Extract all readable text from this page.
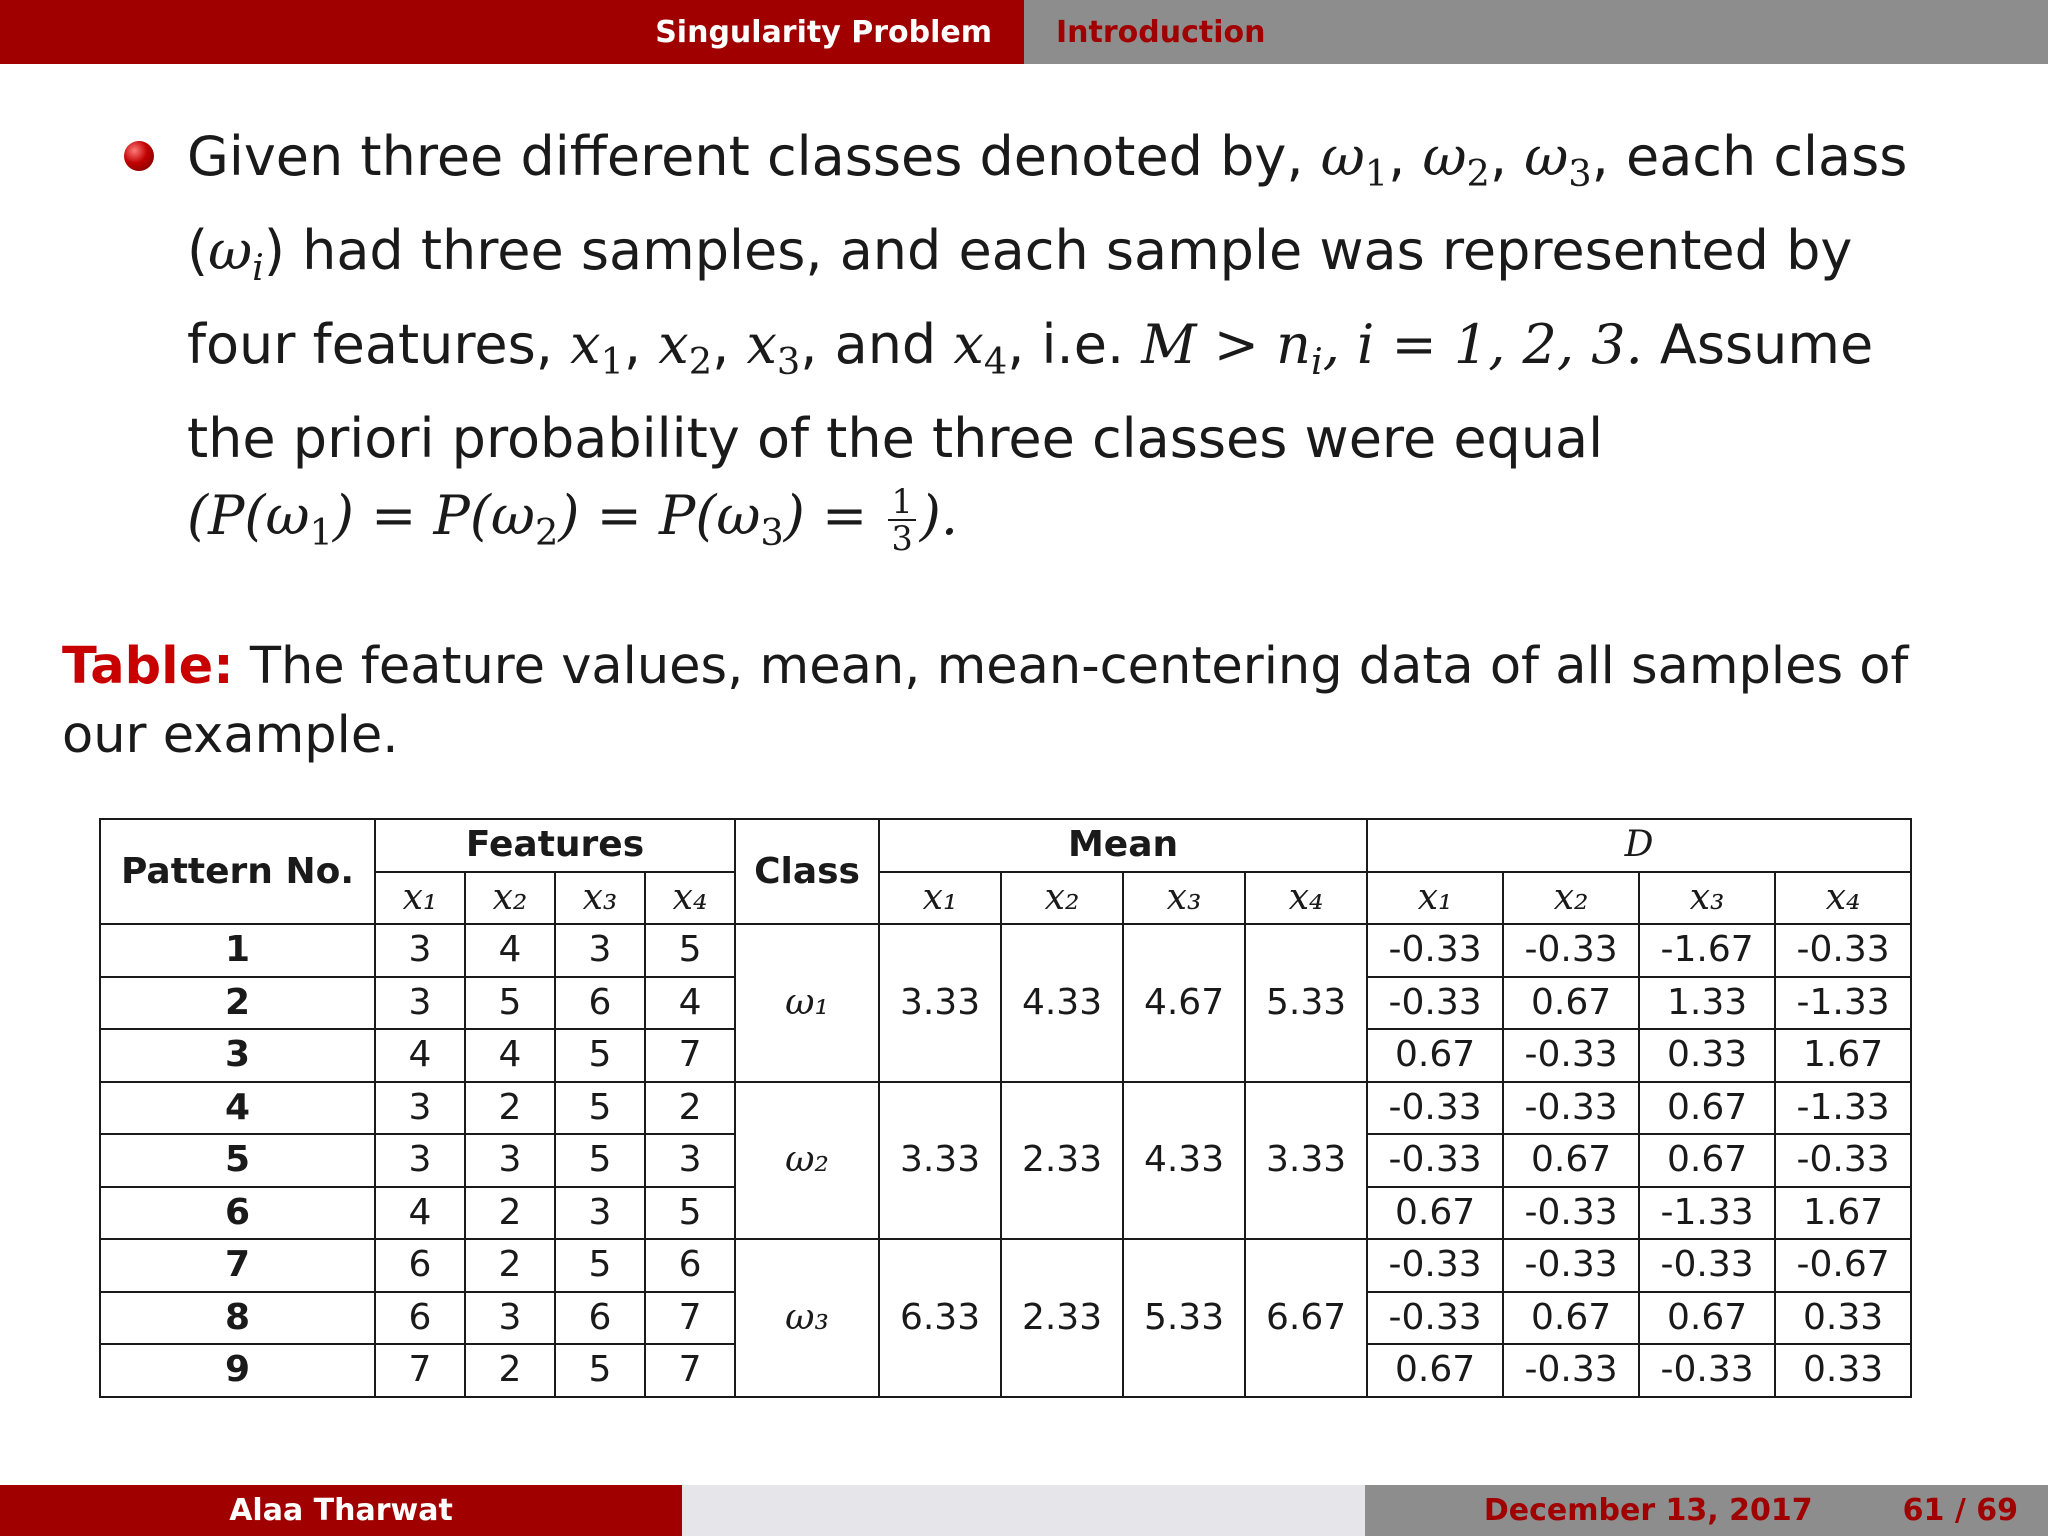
Singularity Problem	Introduction
Given three different classes denoted by, $\omega_1$, $\omega_2$, $\omega_3$, each class $(\omega_i)$ had three samples, and each sample was represented by four features, $x_1$, $x_2$, $x_3$, and $x_4$, i.e. $M > n_i$, i = 1, 2, 3. Assume the priori probability of the three classes were equal
($P(\omega_1) = P(\omega_2) = P(\omega_3) = \frac{1}{3}$ ).
Table: The feature values, mean, mean-centering data of all samples of our example.
Pattern No.	Features				Class	Mean				D			
	x₁	x₂	x₃	x₄		x₁	x₂	x₃	x₄	x₁	x₂	x₃	x₄
1	3	4	3	5	ω₁	3.33	4.33	4.67	5.33	-0.33	-0.33	-1.67	-0.33
2	3	5	6	4						-0.33	0.67	1.33	-1.33
3	4	4	5	7						0.67	-0.33	0.33	1.67
4	3	2	5	2	ω₂	3.33	2.33	4.33	3.33	-0.33	-0.33	0.67	-1.33
5	3	3	5	3						-0.33	0.67	0.67	-0.33
6	4	2	3	5						0.67	-0.33	-1.33	1.67
7	6	2	5	6	ω₃	6.33	2.33	5.33	6.67	-0.33	-0.33	-0.33	-0.67
8	6	3	6	7						-0.33	0.67	0.67	0.33
9	7	2	5	7						0.67	-0.33	-0.33	0.33
Alaa Tharwat	December 13, 2017	61 / 69
